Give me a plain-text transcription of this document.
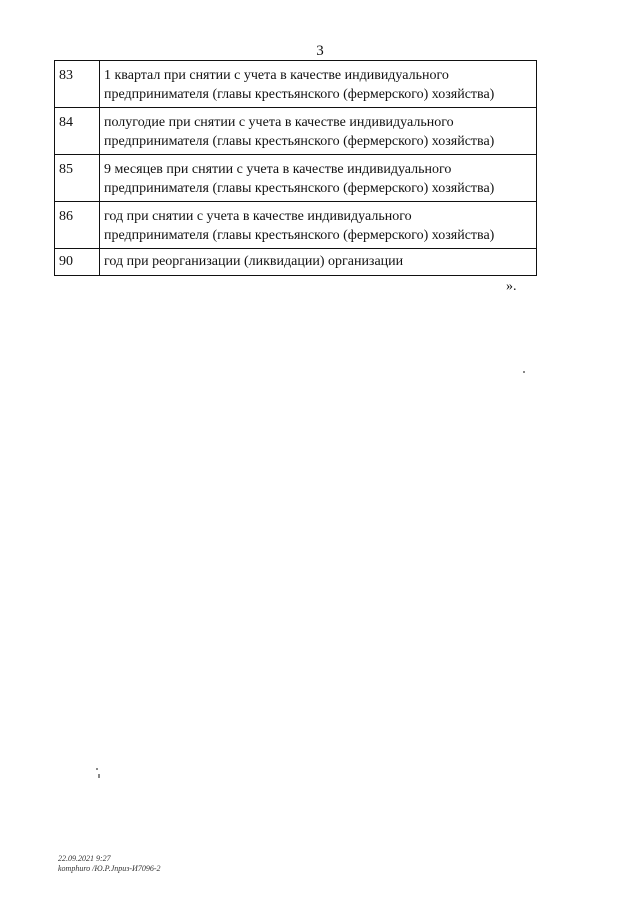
3
83	1 квартал при снятии с учета в качестве индивидуального
предпринимателя (главы крестьянского (фермерского) хозяйства)

84	полугодие при снятии с учета в качестве индивидуального
предпринимателя (главы крестьянского (фермерского) хозяйства)

85	9 месяцев при снятии с учета в качестве индивидуального
предпринимателя (главы крестьянского (фермерского) хозяйства)

86	год при снятии с учета в качестве индивидуального
предпринимателя (главы крестьянского (фермерского) хозяйства)

90	год при реорганизации (ликвидации) организации
».
22.09.2021 9:27
komphuro /Ю.Р.Jприз-И7096-2
